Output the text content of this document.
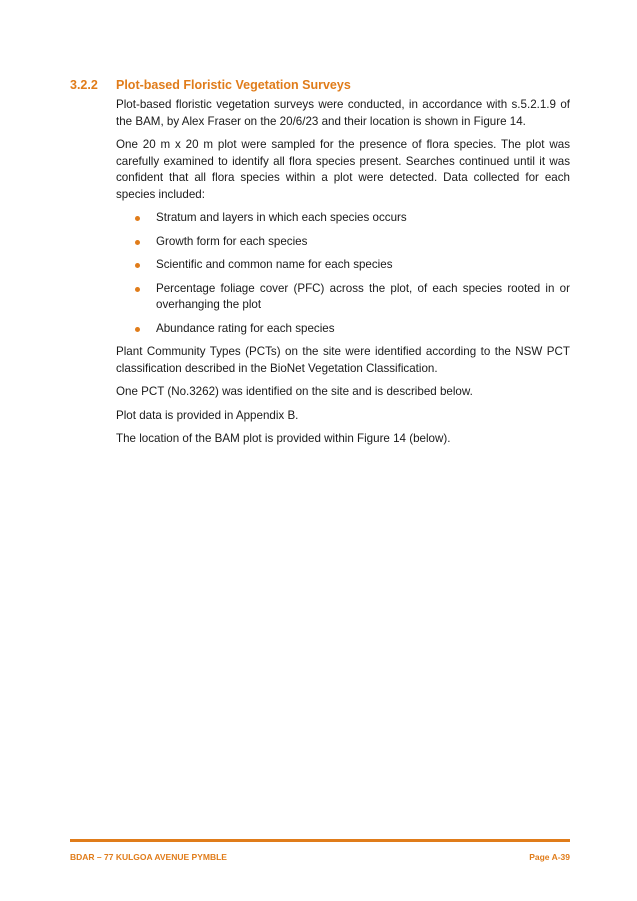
3.2.2 Plot-based Floristic Vegetation Surveys

Plot-based floristic vegetation surveys were conducted, in accordance with s.5.2.1.9 of the BAM, by Alex Fraser on the 20/6/23 and their location is shown in Figure 14.

One 20 m x 20 m plot were sampled for the presence of flora species. The plot was carefully examined to identify all flora species present. Searches continued until it was confident that all flora species within a plot were detected. Data collected for each species included:

Stratum and layers in which each species occurs
Growth form for each species
Scientific and common name for each species
Percentage foliage cover (PFC) across the plot, of each species rooted in or overhanging the plot
Abundance rating for each species

Plant Community Types (PCTs) on the site were identified according to the NSW PCT classification described in the BioNet Vegetation Classification.

One PCT (No.3262) was identified on the site and is described below.

Plot data is provided in Appendix B.

The location of the BAM plot is provided within Figure 14 (below).

BDAR – 77 KULGOA AVENUE PYMBLE	Page A-39
